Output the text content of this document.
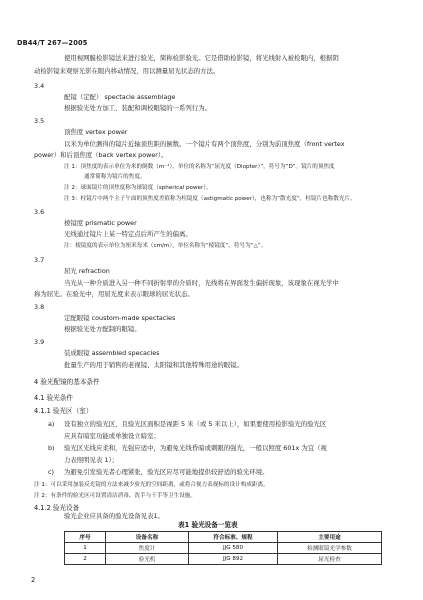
DB44/T 267—2005
使用视网膜检影镜法来进行验光，简称检影验光。它是借助检影镜，将光线射入被检眼内，根据阴
动检影镜来观察光影在眼内移动情况，用以测量屈光状态的方法。
3.4
配镜（定配） spectacle assemblage
根据验光处方加工、装配和调校眼镜的一系列行为。
3.5
顶焦度 vertex power
以米为单位测得的镜片近轴顶焦距的倒数。一个镜片有两个顶焦度，分别为前顶焦度（front vertex
power）和后顶焦度（back vertex power）。
注 1：顶焦度的表示单位为米的倒数（m⁻¹），单位的名称为“屈光度（Diopter）”，符号为“D”。镜片的顶焦度
通常简称为镜片的焦度。
注 2：球面镜片的顶焦度称为球镜度（spherical power）。
注 3：柱镜片中两个主子午面的顶焦度差值称为柱镜度（astigmatic power），也称为“散光度”，柱镜片也称散光片。
3.6
棱镜度 prismatic power
光线通过镜片上某一特定点后所产生的偏离。
注：棱镜度的表示单位为厘米每米（cm/m），单位名称为“棱镜度”，符号为“△”。
3.7
屈光 refraction
当光从一种介质进入另一种不同折射率的介质时，光线将在界面发生偏折现象，该现象在视光学中
称为屈光。在验光中，用屈光度来表示眼球的屈光状态。
3.8
定配眼镜 coustom-made spectacles
根据验光处方配制的眼镜。
3.9
装成眼镜 assembled specacles
批量生产的用于销售的老视镜、太阳镜和其他特殊用途的眼镜。
4 验光配镜的基本条件
4.1 验光条件
4.1.1 验光区（室）
a) 设有独立的验光区，且验光区面积是视距 5 米（或 5 米以上），如果要使用检影验光的验光区
应具有暗室功能或单独设立暗室；
b) 验光区光线应柔和，光强应适中，为避免光线昏暗或刺眼的强光，一般以照度 601x 为宜（视
力表照明见表 1）；
c) 为避免引发验光者心理紧张，验光区应尽可能地提供较舒适的验光环境。
注 1：可以采用加装反光镜的方法来减少验光的空间距离，或将合视力表视标的设计构成距离。
注 2：有条件的验光区可设置清洁消毒、洗手与干手等卫生设施。
4.1.2 验光设备
验光企业应具备的验光设备见表1。
表1 验光设备一览表
序号	设备名称	符合标准、规程	主要用途
1	焦度计	JJG 580	检测眼镜光学参数
2	验光机	JJG 892	屈光检查
2
